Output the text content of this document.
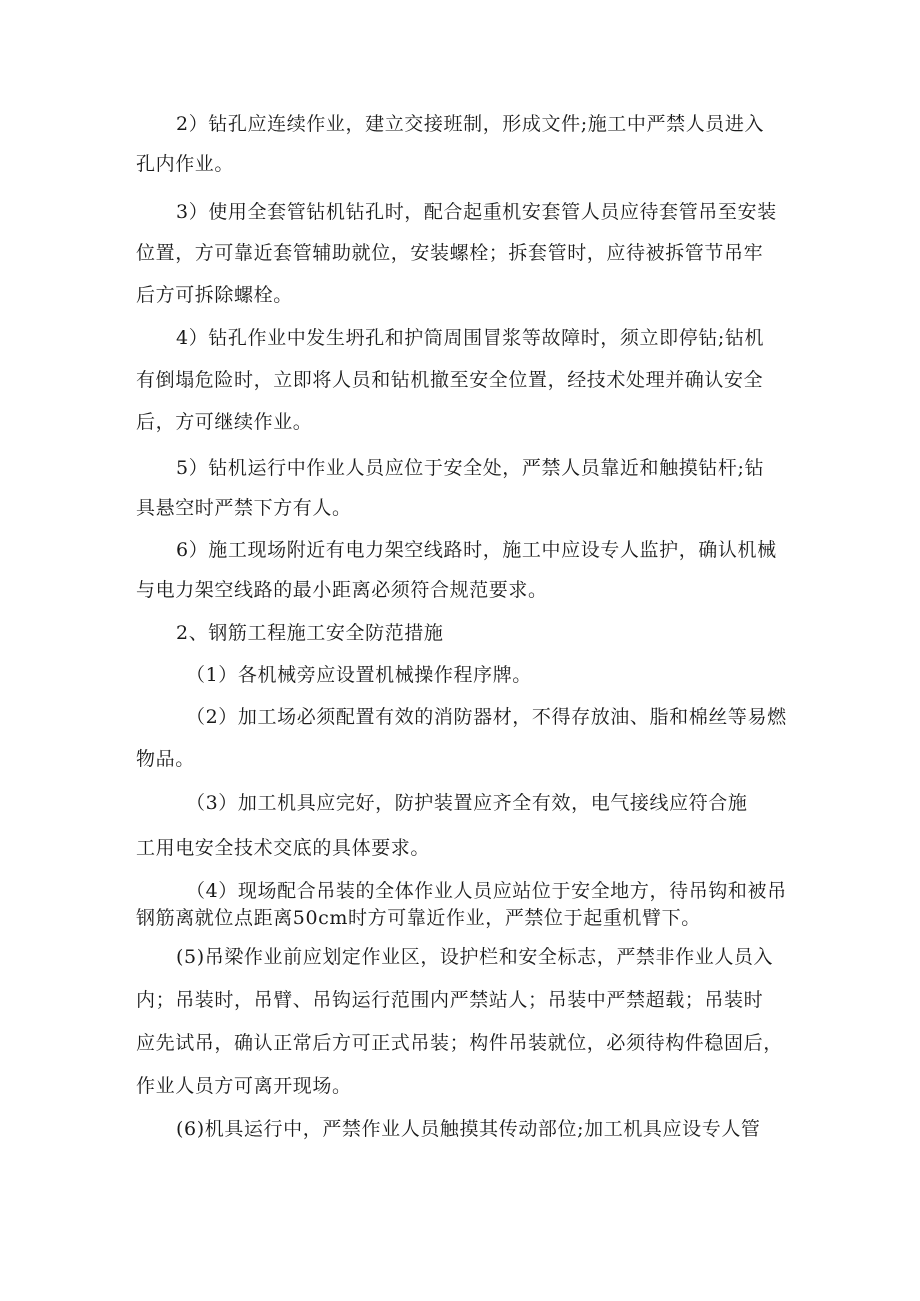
2）钻孔应连续作业，建立交接班制，形成文件;施工中严禁人员进入
孔内作业。
3）使用全套管钻机钻孔时，配合起重机安套管人员应待套管吊至安装
位置，方可靠近套管辅助就位，安装螺栓；拆套管时，应待被拆管节吊牢
后方可拆除螺栓。
4）钻孔作业中发生坍孔和护筒周围冒浆等故障时，须立即停钻;钻机
有倒塌危险时，立即将人员和钻机撤至安全位置，经技术处理并确认安全
后，方可继续作业。
5）钻机运行中作业人员应位于安全处，严禁人员靠近和触摸钻杆;钻
具悬空时严禁下方有人。
6）施工现场附近有电力架空线路时，施工中应设专人监护，确认机械
与电力架空线路的最小距离必须符合规范要求。
2、钢筋工程施工安全防范措施
（1）各机械旁应设置机械操作程序牌。
（2）加工场必须配置有效的消防器材，不得存放油、脂和棉丝等易燃
物品。
（3）加工机具应完好，防护装置应齐全有效，电气接线应符合施
工用电安全技术交底的具体要求。
（4）现场配合吊装的全体作业人员应站位于安全地方，待吊钩和被吊
钢筋离就位点距离50cm时方可靠近作业，严禁位于起重机臂下。
(5)吊梁作业前应划定作业区，设护栏和安全标志，严禁非作业人员入
内；吊装时，吊臂、吊钩运行范围内严禁站人；吊装中严禁超载；吊装时
应先试吊，确认正常后方可正式吊装；构件吊装就位，必须待构件稳固后，
作业人员方可离开现场。
(6)机具运行中，严禁作业人员触摸其传动部位;加工机具应设专人管
